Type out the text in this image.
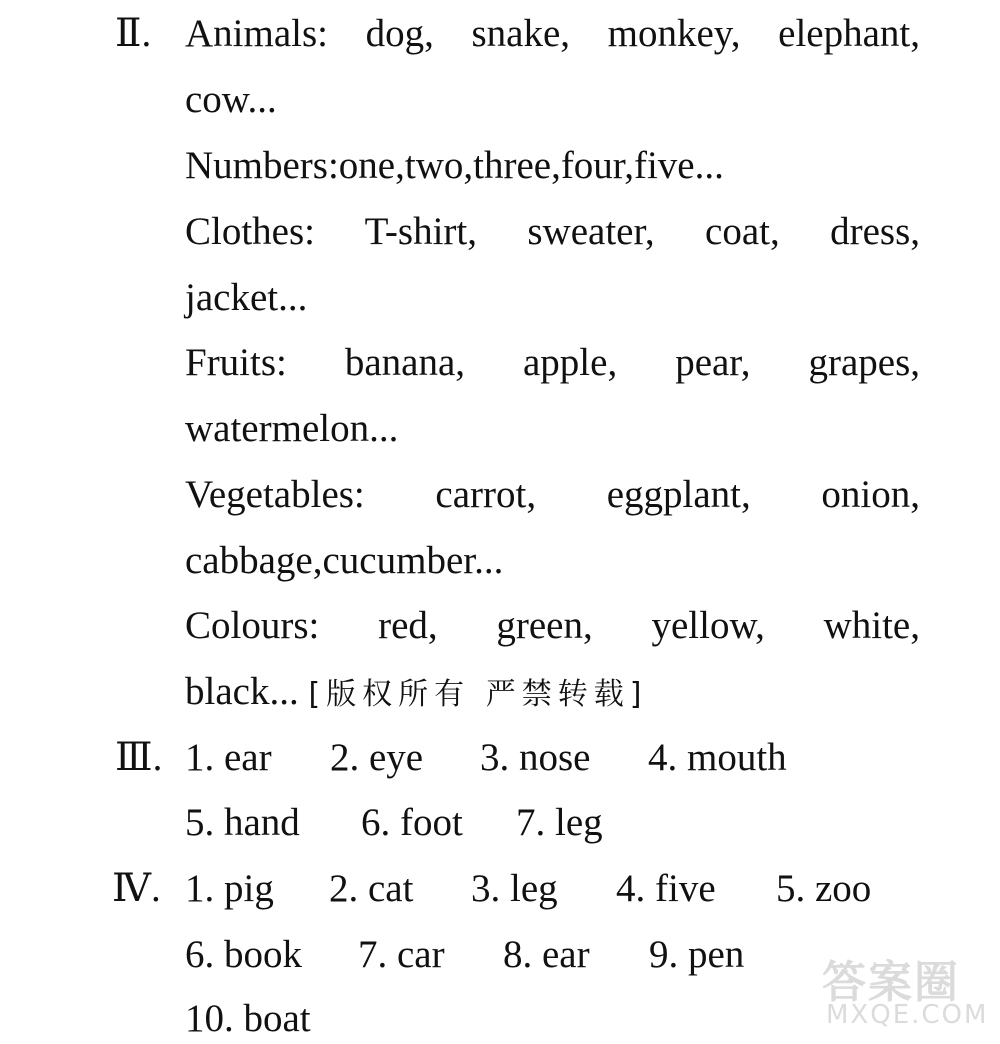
Ⅱ. Animals: dog, snake, monkey, elephant,
cow...
Numbers:one,two,three,four,five...
Clothes: T-shirt, sweater, coat, dress,
jacket...
Fruits: banana, apple, pear, grapes,
watermelon...
Vegetables: carrot, eggplant, onion,
cabbage,cucumber...
Colours: red, green, yellow, white,
black... [版权所有 严禁转载]
Ⅲ. 1. ear 2. eye 3. nose 4. mouth
5. hand 6. foot 7. leg
Ⅳ. 1. pig 2. cat 3. leg 4. five 5. zoo
6. book 7. car 8. ear 9. pen
10. boat
答案圈
MXQE.COM
